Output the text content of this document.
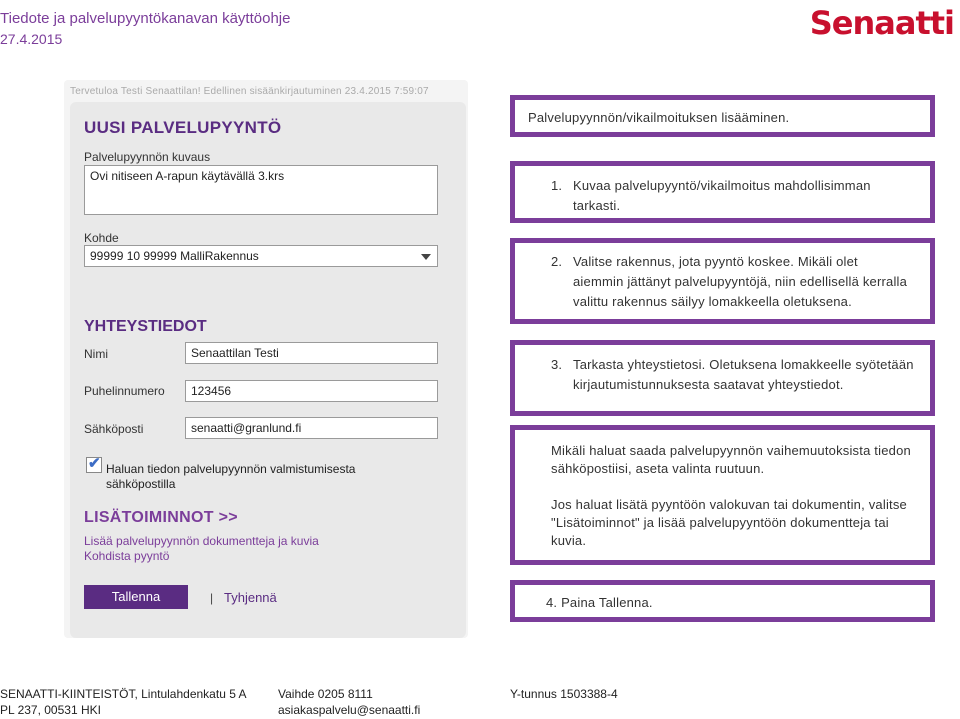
Tiedote ja palvelupyyntökanavan käyttöohje
27.4.2015	Senaatti
Tervetuloa Testi Senaattilan! Edellinen sisäänkirjautuminen 23.4.2015 7:59:07
UUSI PALVELUPYYNTÖ
Palvelupyynnön kuvaus
Ovi nitiseen A-rapun käytävällä 3.krs
Kohde
99999 10 99999 MalliRakennus
YHTEYSTIEDOT
Nimi	Senaattilan Testi
Puhelinnumero	123456
Sähköposti	senaatti@granlund.fi
✔ Haluan tiedon palvelupyynnön valmistumisesta sähköpostilla
LISÄTOIMINNOT >>
Lisää palvelupyynnön dokumentteja ja kuvia
Kohdista pyyntö
Tallenna	| Tyhjennä
Palvelupyynnön/vikailmoituksen lisääminen.
1. Kuvaa palvelupyyntö/vikailmoitus mahdollisimman tarkasti.
2. Valitse rakennus, jota pyyntö koskee. Mikäli olet aiemmin jättänyt palvelupyyntöjä, niin edellisellä kerralla valittu rakennus säilyy lomakkeella oletuksena.
3. Tarkasta yhteystietosi. Oletuksena lomakkeelle syötetään kirjautumistunnuksesta saatavat yhteystiedot.
Mikäli haluat saada palvelupyynnön vaihemuutoksista tiedon sähköpostiisi, aseta valinta ruutuun.
Jos haluat lisätä pyyntöön valokuvan tai dokumentin, valitse "Lisätoiminnot" ja lisää palvelupyyntöön dokumentteja tai kuvia.
4. Paina Tallenna.
SENAATTI-KIINTEISTÖT, Lintulahdenkatu 5 A
PL 237, 00531 HKI
Vaihde 0205 8111
asiakaspalvelu@senaatti.fi
Y-tunnus 1503388-4
